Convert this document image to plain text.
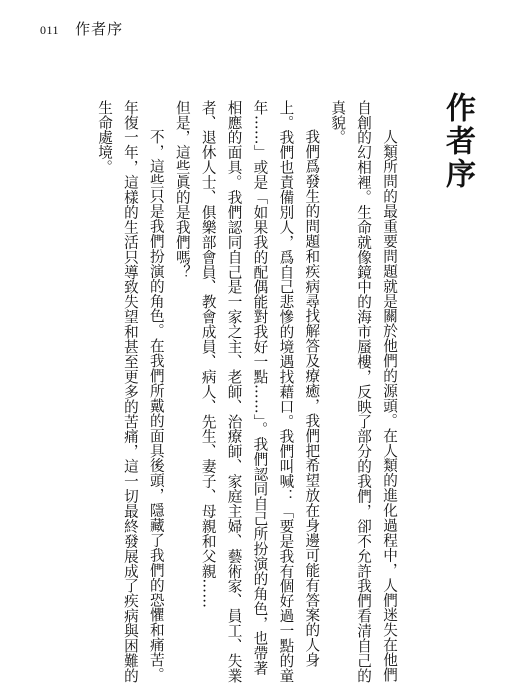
011 作者序
作者序

人類所問的最重要問題就是關於他們的源頭。在人類的進化過程中，人們迷失在他們自創的幻相裡。生命就像鏡中的海市蜃樓，反映了部分的我們，卻不允許我們看清自己的真貌。

我們爲發生的問題和疾病尋找解答及療癒，我們把希望放在身邊可能有答案的人身上。我們也責備別人，爲自己悲慘的境遇找藉口。我們叫喊：「要是我有個好過一點的童年……」或是「如果我的配偶能對我好一點……」。我們認同自己所扮演的角色，也帶著相應的面具。我們認同自己是一家之主、老師、治療師、家庭主婦、藝術家、員工、失業者、退休人士、俱樂部會員、教會成員、病人、先生、妻子、母親和父親……

但是，這些眞的是我們嗎？

不，這些只是我們扮演的角色。在我們所戴的面具後頭，隱藏了我們的恐懼和痛苦。年復一年，這樣的生活只導致失望和甚至更多的苦痛，這一切最終發展成了疾病與困難的生命處境。
